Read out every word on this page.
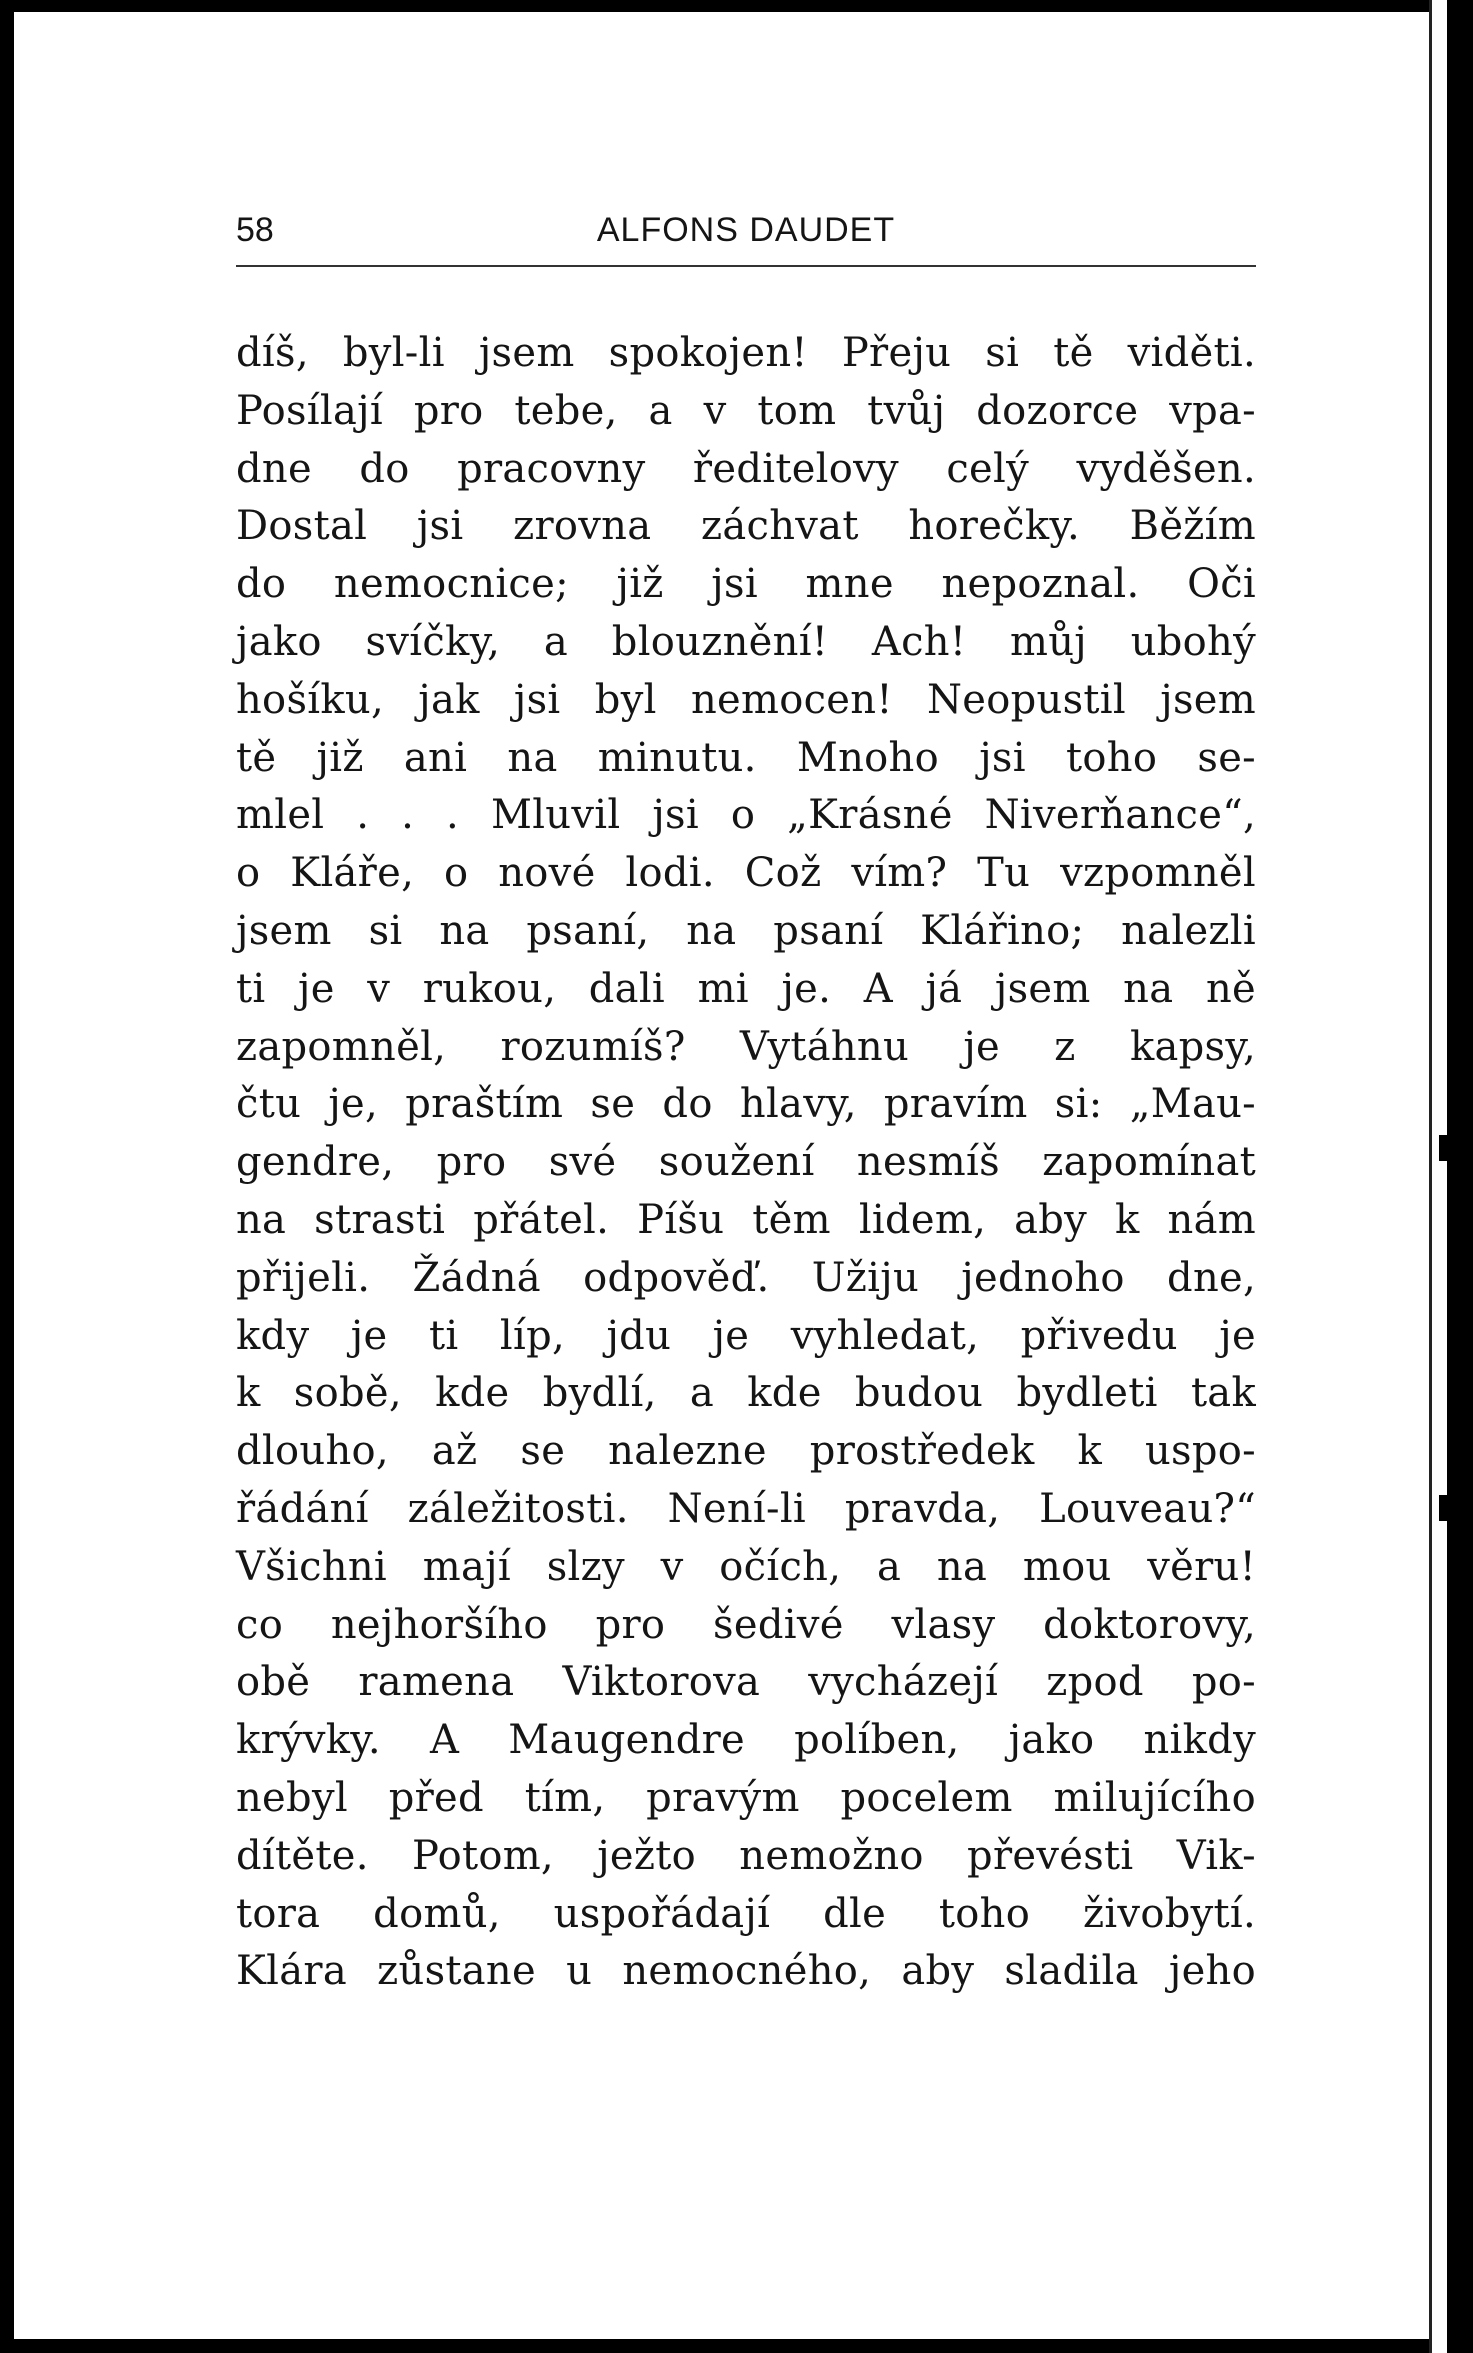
58	ALFONS DAUDET
díš, byl-li jsem spokojen! Přeju si tě viděti.
Posílají pro tebe, a v tom tvůj dozorce vpa-
dne do pracovny ředitelovy celý vyděšen.
Dostal jsi zrovna záchvat horečky. Běžím
do nemocnice; již jsi mne nepoznal. Oči
jako svíčky, a blouznění! Ach! můj ubohý
hošíku, jak jsi byl nemocen! Neopustil jsem
tě již ani na minutu. Mnoho jsi toho se-
mlel . . . Mluvil jsi o „Krásné Niverňance“,
o Kláře, o nové lodi. Což vím? Tu vzpomněl
jsem si na psaní, na psaní Klářino; nalezli
ti je v rukou, dali mi je. A já jsem na ně
zapomněl, rozumíš? Vytáhnu je z kapsy,
čtu je, praštím se do hlavy, pravím si: „Mau-
gendre, pro své soužení nesmíš zapomínat
na strasti přátel. Píšu těm lidem, aby k nám
přijeli. Žádná odpověď. Užiju jednoho dne,
kdy je ti líp, jdu je vyhledat, přivedu je
k sobě, kde bydlí, a kde budou bydleti tak
dlouho, až se nalezne prostředek k uspo-
řádání záležitosti. Není-li pravda, Louveau?“
Všichni mají slzy v očích, a na mou věru!
co nejhoršího pro šedivé vlasy doktorovy,
obě ramena Viktorova vycházejí zpod po-
krývky. A Maugendre políben, jako nikdy
nebyl před tím, pravým pocelem milujícího
dítěte. Potom, ježto nemožno převésti Vik-
tora domů, uspořádají dle toho živobytí.
Klára zůstane u nemocného, aby sladila jeho
